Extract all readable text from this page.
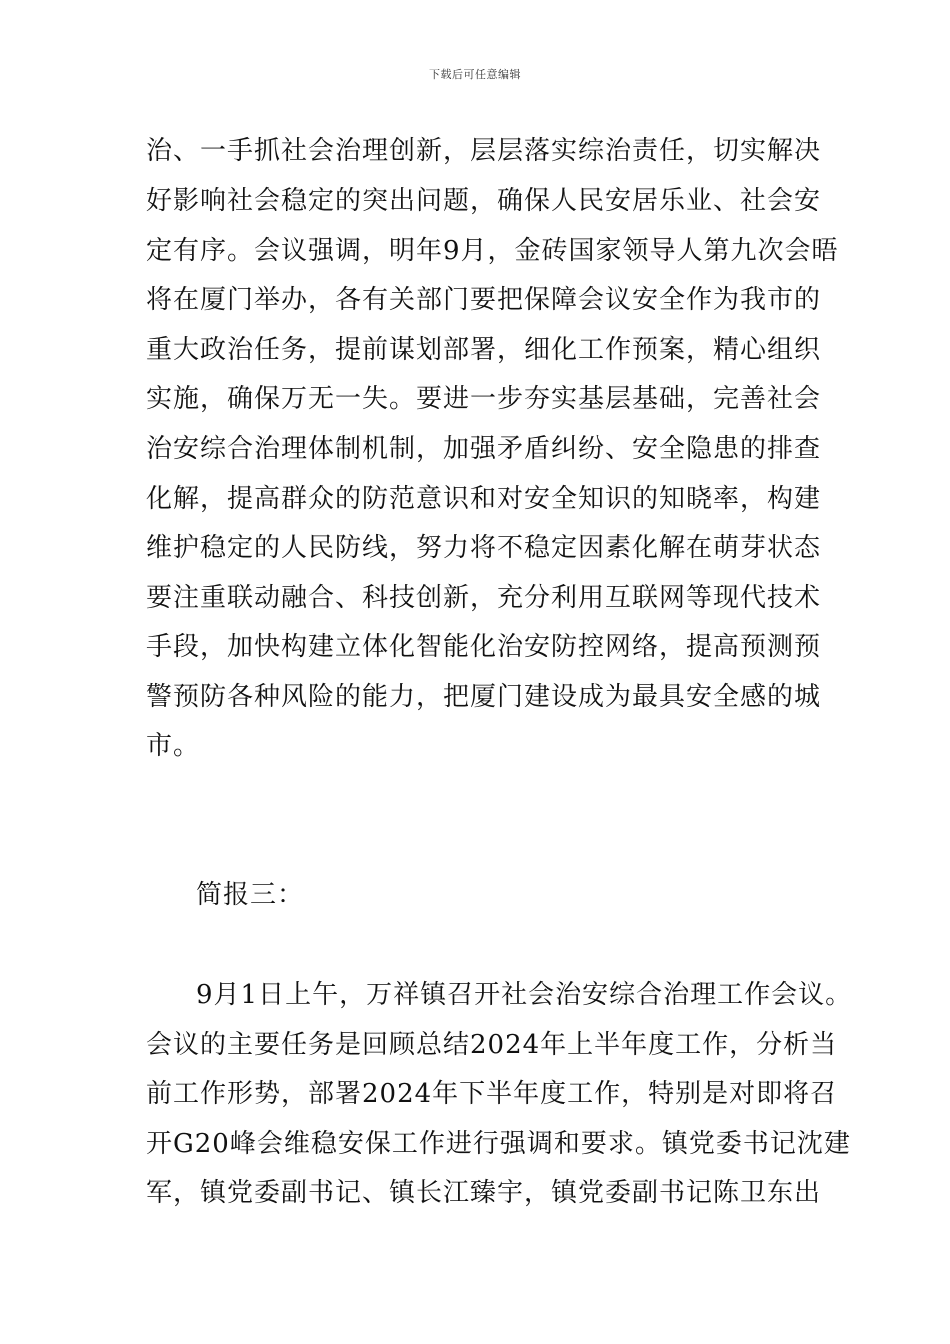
下载后可任意编辑
治、一手抓社会治理创新，层层落实综治责任，切实解决
好影响社会稳定的突出问题，确保人民安居乐业、社会安
定有序。会议强调，明年9月，金砖国家领导人第九次会晤
将在厦门举办，各有关部门要把保障会议安全作为我市的
重大政治任务，提前谋划部署，细化工作预案，精心组织
实施，确保万无一失。要进一步夯实基层基础，完善社会
治安综合治理体制机制，加强矛盾纠纷、安全隐患的排查
化解，提高群众的防范意识和对安全知识的知晓率，构建
维护稳定的人民防线，努力将不稳定因素化解在萌芽状态
要注重联动融合、科技创新，充分利用互联网等现代技术
手段，加快构建立体化智能化治安防控网络，提高预测预
警预防各种风险的能力，把厦门建设成为最具安全感的城
市。
简报三：
9月1日上午，万祥镇召开社会治安综合治理工作会议。
会议的主要任务是回顾总结2024年上半年度工作，分析当
前工作形势，部署2024年下半年度工作，特别是对即将召
开G20峰会维稳安保工作进行强调和要求。镇党委书记沈建
军，镇党委副书记、镇长江臻宇，镇党委副书记陈卫东出
